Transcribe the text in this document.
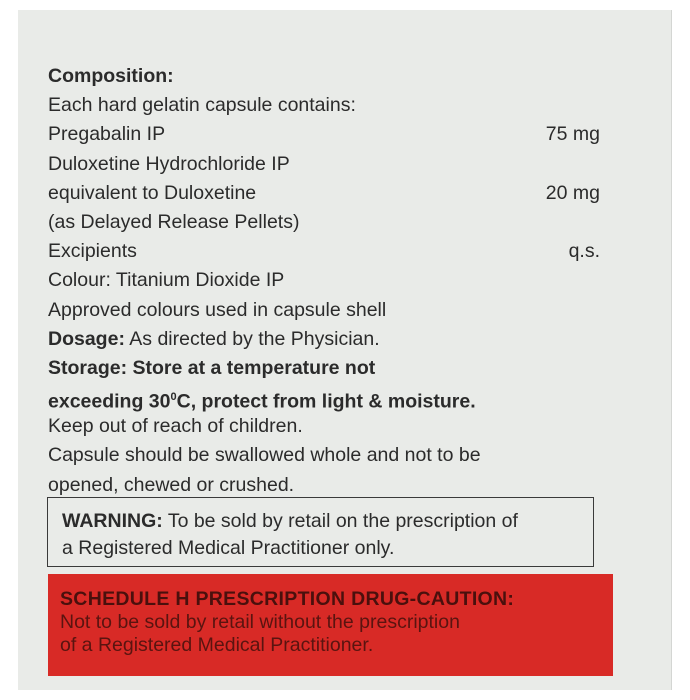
Composition:
Each hard gelatin capsule contains:
Pregabalin IP	75 mg
Duloxetine Hydrochloride IP
equivalent to Duloxetine	20 mg
(as Delayed Release Pellets)
Excipients	q.s.
Colour: Titanium Dioxide IP
Approved colours used in capsule shell
Dosage: As directed by the Physician.
Storage: Store at a temperature not
exceeding $30^0C$, protect from light & moisture.
Keep out of reach of children.
Capsule should be swallowed whole and not to be
opened, chewed or crushed.
WARNING: To be sold by retail on the prescription of
a Registered Medical Practitioner only.
SCHEDULE H PRESCRIPTION DRUG-CAUTION:
Not to be sold by retail without the prescription
of a Registered Medical Practitioner.
